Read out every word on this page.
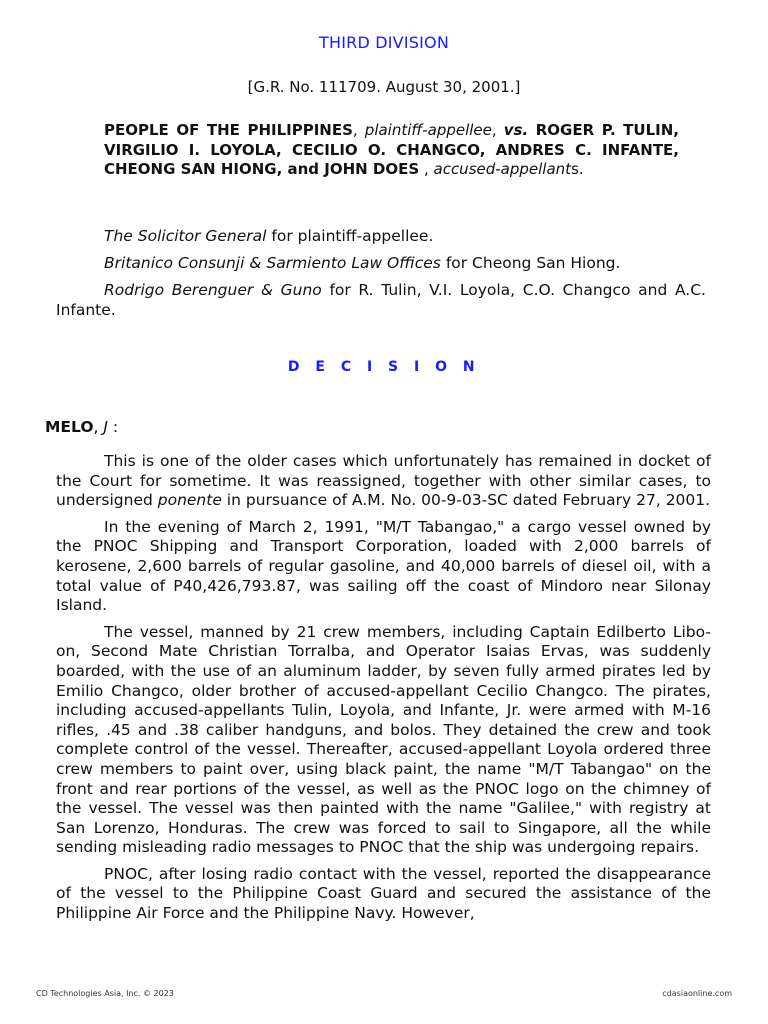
THIRD DIVISION
[G.R. No. 111709. August 30, 2001.]
PEOPLE OF THE PHILIPPINES, plaintiff-appellee, vs. ROGER P. TULIN, VIRGILIO I. LOYOLA, CECILIO O. CHANGCO, ANDRES C. INFANTE, CHEONG SAN HIONG, and JOHN DOES , accused-appellants.
The Solicitor General for plaintiff-appellee.
Britanico Consunji & Sarmiento Law Offices for Cheong San Hiong.
Rodrigo Berenguer & Guno for R. Tulin, V.I. Loyola, C.O. Changco and A.C. Infante.
D E C I S I O N
MELO, J :

This is one of the older cases which unfortunately has remained in docket of the Court for sometime. It was reassigned, together with other similar cases, to undersigned ponente in pursuance of A.M. No. 00-9-03-SC dated February 27, 2001.

In the evening of March 2, 1991, "M/T Tabangao," a cargo vessel owned by the PNOC Shipping and Transport Corporation, loaded with 2,000 barrels of kerosene, 2,600 barrels of regular gasoline, and 40,000 barrels of diesel oil, with a total value of P40,426,793.87, was sailing off the coast of Mindoro near Silonay Island.

The vessel, manned by 21 crew members, including Captain Edilberto Libo-on, Second Mate Christian Torralba, and Operator Isaias Ervas, was suddenly boarded, with the use of an aluminum ladder, by seven fully armed pirates led by Emilio Changco, older brother of accused-appellant Cecilio Changco. The pirates, including accused-appellants Tulin, Loyola, and Infante, Jr. were armed with M-16 rifles, .45 and .38 caliber handguns, and bolos. They detained the crew and took complete control of the vessel. Thereafter, accused-appellant Loyola ordered three crew members to paint over, using black paint, the name "M/T Tabangao" on the front and rear portions of the vessel, as well as the PNOC logo on the chimney of the vessel. The vessel was then painted with the name "Galilee," with registry at San Lorenzo, Honduras. The crew was forced to sail to Singapore, all the while sending misleading radio messages to PNOC that the ship was undergoing repairs.

PNOC, after losing radio contact with the vessel, reported the disappearance of the vessel to the Philippine Coast Guard and secured the assistance of the Philippine Air Force and the Philippine Navy. However,

CD Technologies Asia, Inc. © 2023	cdasiaonline.com
